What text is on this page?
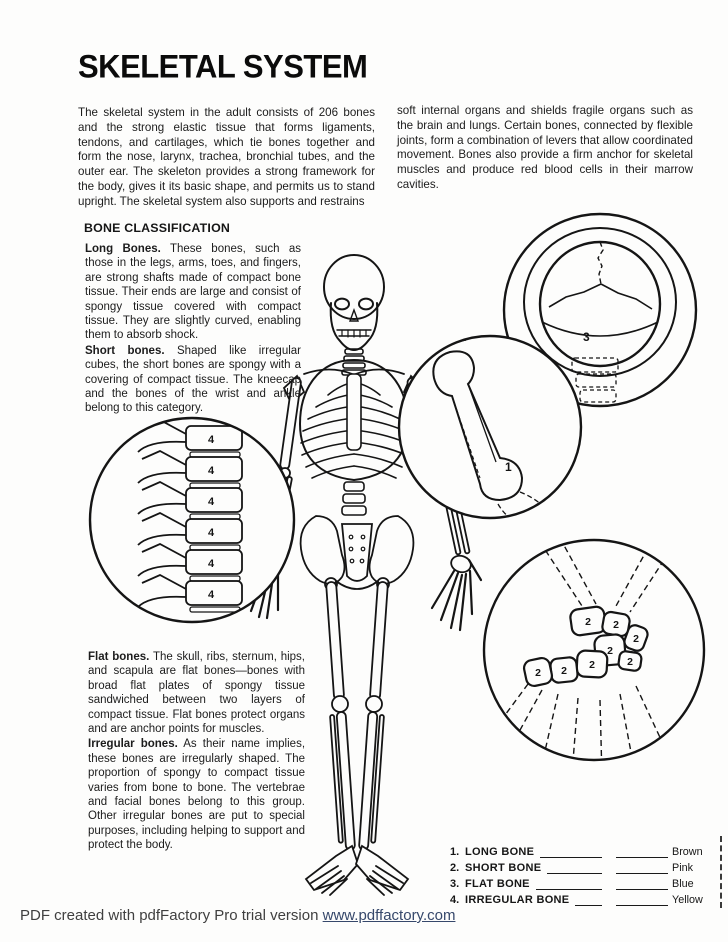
3
1
4
4
4
4
4
4
2 2
2
2
2
2
2
2
SKELETAL SYSTEM
The skeletal system in the adult consists of 206 bones and the strong elastic tissue that forms ligaments, tendons, and cartilages, which tie bones together and form the nose, larynx, trachea, bronchial tubes, and the outer ear. The skeleton provides a strong framework for the body, gives it its basic shape, and permits us to stand upright. The skeletal system also supports and restrains
soft internal organs and shields fragile organs such as the brain and lungs. Certain bones, connected by flexible joints, form a combination of levers that allow coordinated movement. Bones also provide a firm anchor for skeletal muscles and produce red blood cells in their marrow cavities.
BONE CLASSIFICATION

Long Bones. These bones, such as those in the legs, arms, toes, and fingers, are strong shafts made of compact bone tissue. Their ends are large and consist of spongy tissue covered with compact tissue. They are slightly curved, enabling them to absorb shock.

Short bones. Shaped like irregular cubes, the short bones are spongy with a covering of compact tissue. The kneecap and the bones of the wrist and ankle belong to this category.

Flat bones. The skull, ribs, sternum, hips, and scapula are flat bones—bones with broad flat plates of spongy tissue sandwiched between two layers of compact tissue. Flat bones protect organs and are anchor points for muscles.

Irregular bones. As their name implies, these bones are irregularly shaped. The proportion of spongy to compact tissue varies from bone to bone. The vertebrae and facial bones belong to this group. Other irregular bones are put to special purposes, including helping to support and protect the body.

1. LONG BONE	Brown
2. SHORT BONE	Pink
3. FLAT BONE	Blue
4. IRREGULAR BONE	Yellow
PDF created with pdfFactory Pro trial version www.pdffactory.com
